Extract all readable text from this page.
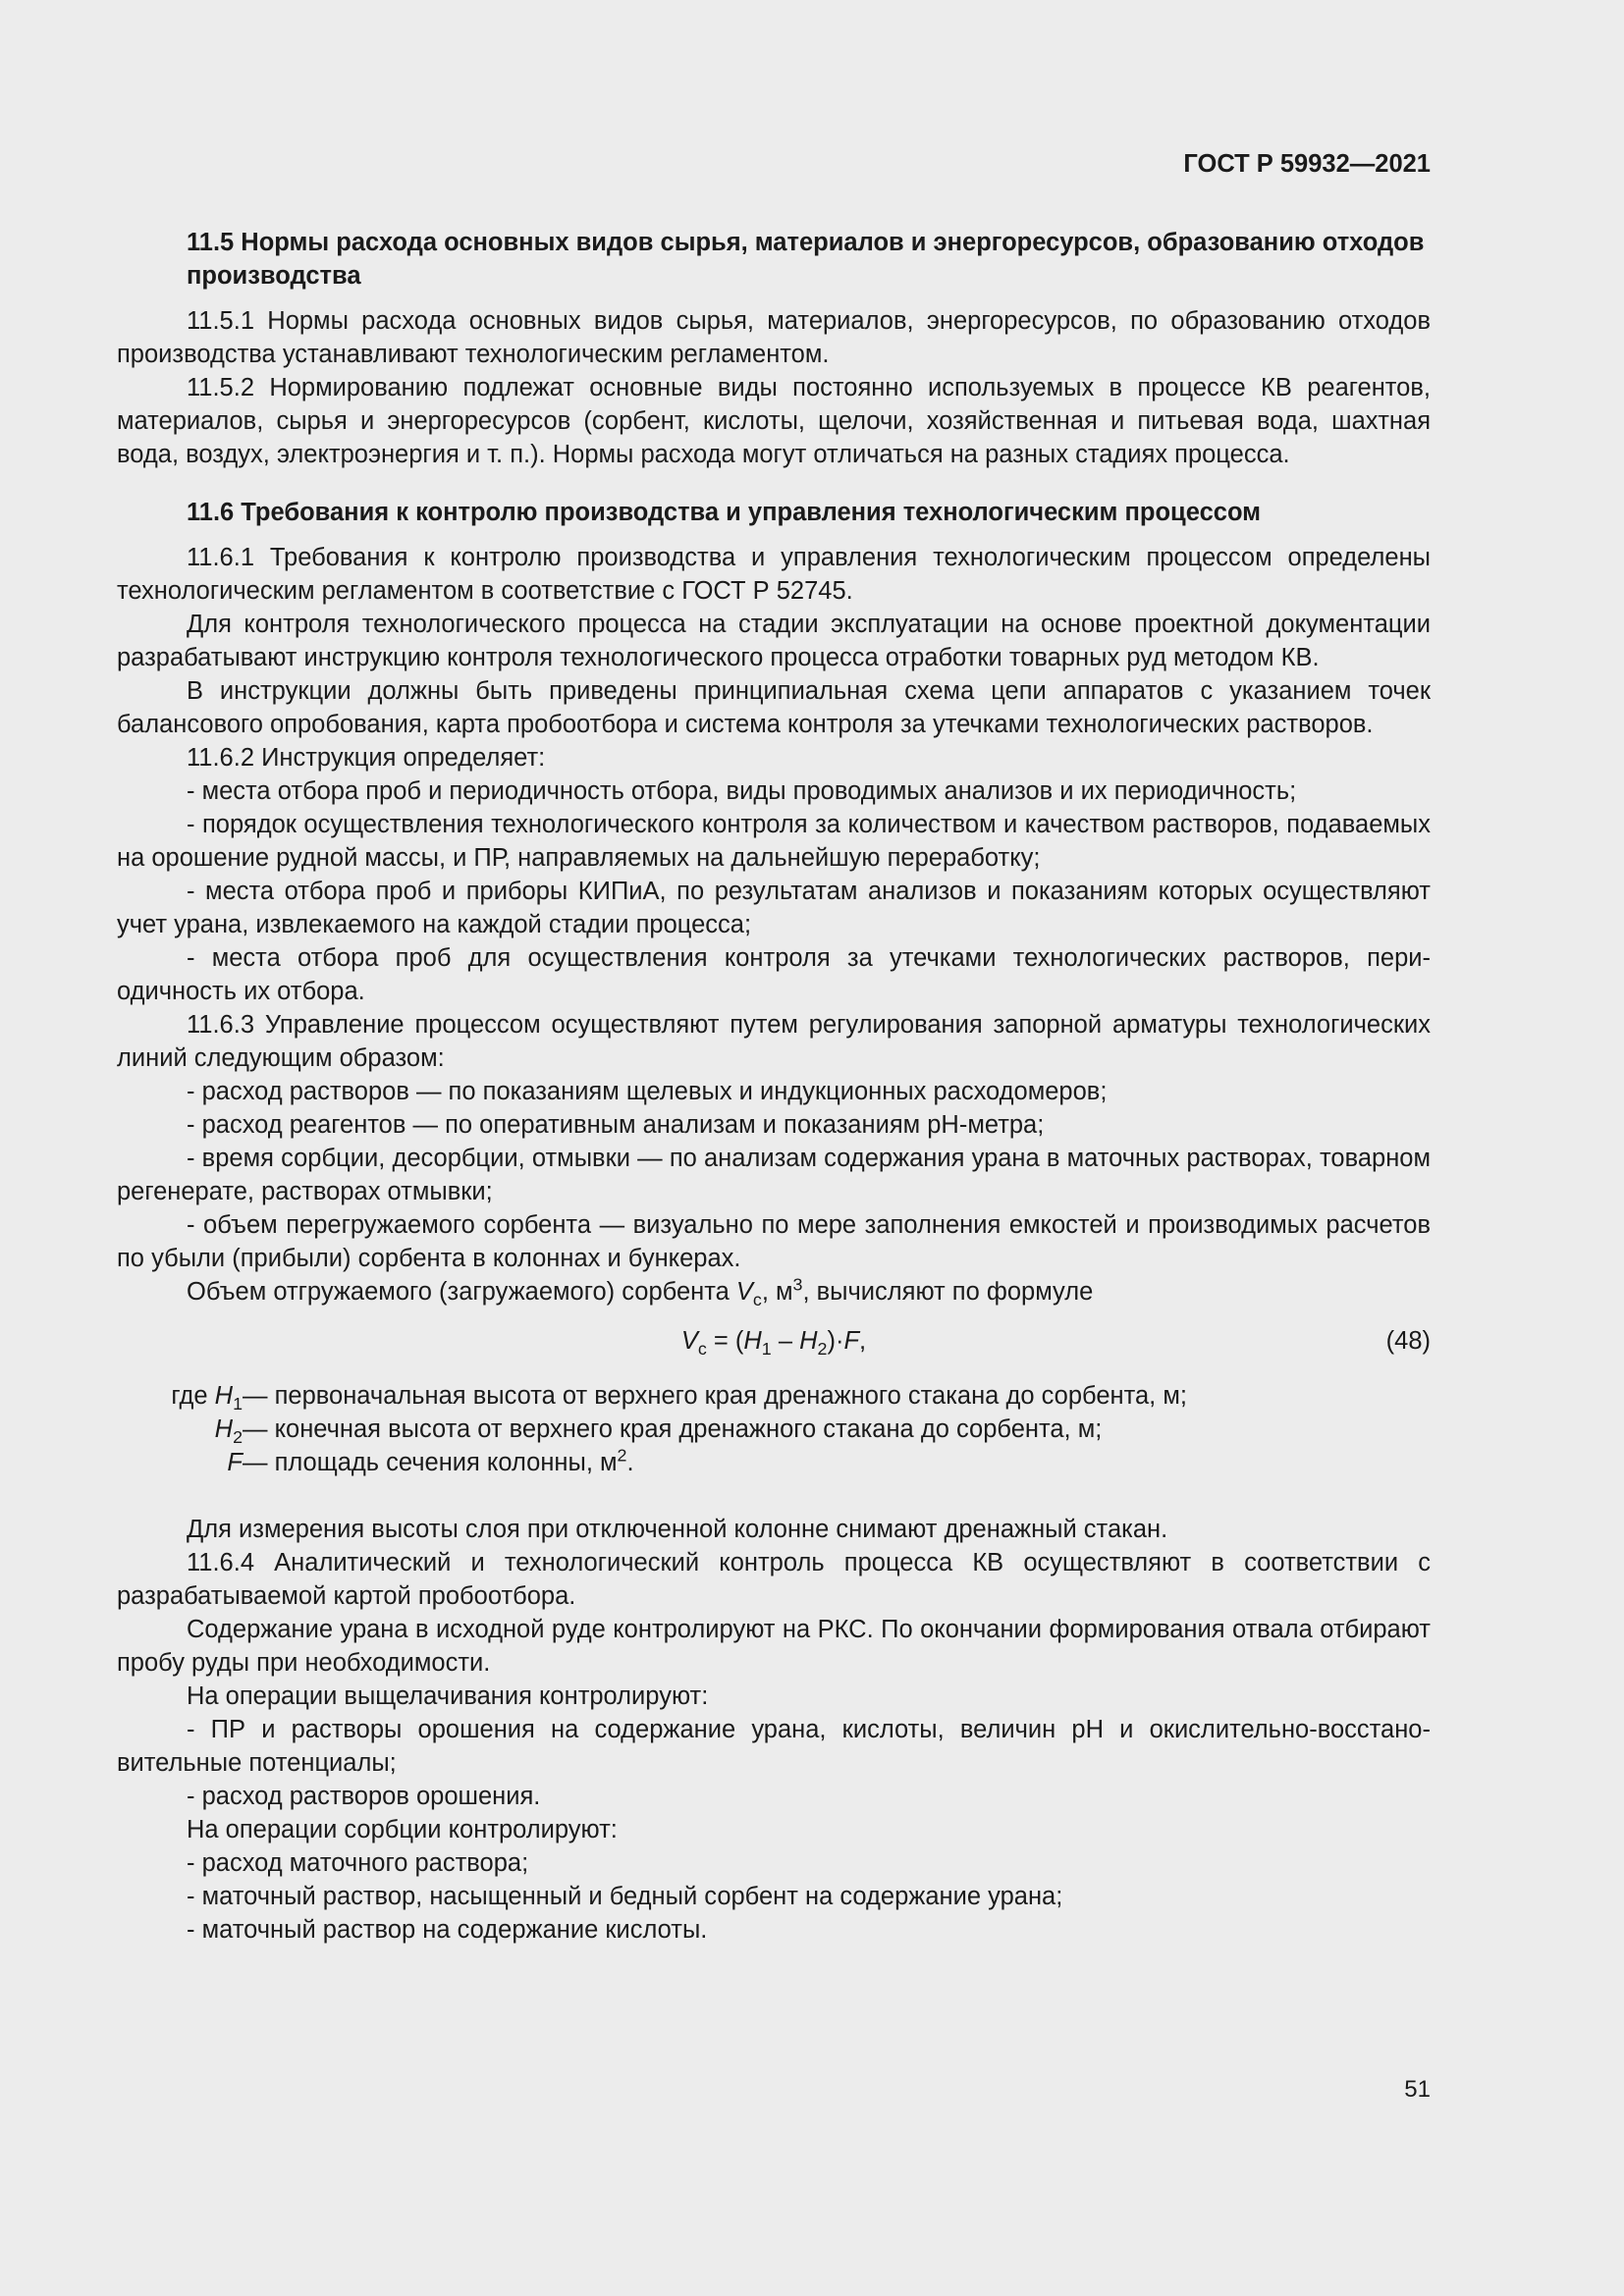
ГОСТ Р 59932—2021
11.5 Нормы расхода основных видов сырья, материалов и энергоресурсов, образованию отходов производства

11.5.1 Нормы расхода основных видов сырья, материалов, энергоресурсов, по образованию отходов производства устанавливают технологическим регламентом.

11.5.2 Нормированию подлежат основные виды постоянно используемых в процессе КВ реагентов, материалов, сырья и энергоресурсов (сорбент, кислоты, щелочи, хозяйственная и питьевая вода, шахтная вода, воздух, электроэнергия и т. п.). Нормы расхода могут отличаться на разных стадиях процесса.

11.6 Требования к контролю производства и управления технологическим процессом

11.6.1 Требования к контролю производства и управления технологическим процессом определены технологическим регламентом в соответствие с ГОСТ Р 52745.

Для контроля технологического процесса на стадии эксплуатации на основе проектной документации разрабатывают инструкцию контроля технологического процесса отработки товарных руд методом КВ.

В инструкции должны быть приведены принципиальная схема цепи аппаратов с указанием точек балансового опробования, карта пробоотбора и система контроля за утечками технологических растворов.

11.6.2 Инструкция определяет:

- места отбора проб и периодичность отбора, виды проводимых анализов и их периодичность;

- порядок осуществления технологического контроля за количеством и качеством растворов, подаваемых на орошение рудной массы, и ПР, направляемых на дальнейшую переработку;

- места отбора проб и приборы КИПиА, по результатам анализов и показаниям которых осуществляют учет урана, извлекаемого на каждой стадии процесса;

- места отбора проб для осуществления контроля за утечками технологических растворов, периодичность их отбора.

11.6.3 Управление процессом осуществляют путем регулирования запорной арматуры технологических линий следующим образом:

- расход растворов — по показаниям щелевых и индукционных расходомеров;

- расход реагентов — по оперативным анализам и показаниям рН-метра;

- время сорбции, десорбции, отмывки — по анализам содержания урана в маточных растворах, товарном регенерате, растворах отмывки;

- объем перегружаемого сорбента — визуально по мере заполнения емкостей и производимых расчетов по убыли (прибыли) сорбента в колоннах и бункерах.

Объем отгружаемого (загружаемого) сорбента $V_с$, $м^3$, вычисляют по формуле

$V_с = (H_1 - H_2)\cdot F$,	(48)
где $H_1$ — первоначальная высота от верхнего края дренажного стакана до сорбента, м;
$H_2$ — конечная высота от верхнего края дренажного стакана до сорбента, м;
F — площадь сечения колонны, $м^2$.

Для измерения высоты слоя при отключенной колонне снимают дренажный стакан.

11.6.4 Аналитический и технологический контроль процесса КВ осуществляют в соответствии с разрабатываемой картой пробоотбора.

Содержание урана в исходной руде контролируют на РКС. По окончании формирования отвала отбирают пробу руды при необходимости.

На операции выщелачивания контролируют:

- ПР и растворы орошения на содержание урана, кислоты, величин рН и окислительно-восстановительные потенциалы;

- расход растворов орошения.

На операции сорбции контролируют:

- расход маточного раствора;

- маточный раствор, насыщенный и бедный сорбент на содержание урана;

- маточный раствор на содержание кислоты.

51
